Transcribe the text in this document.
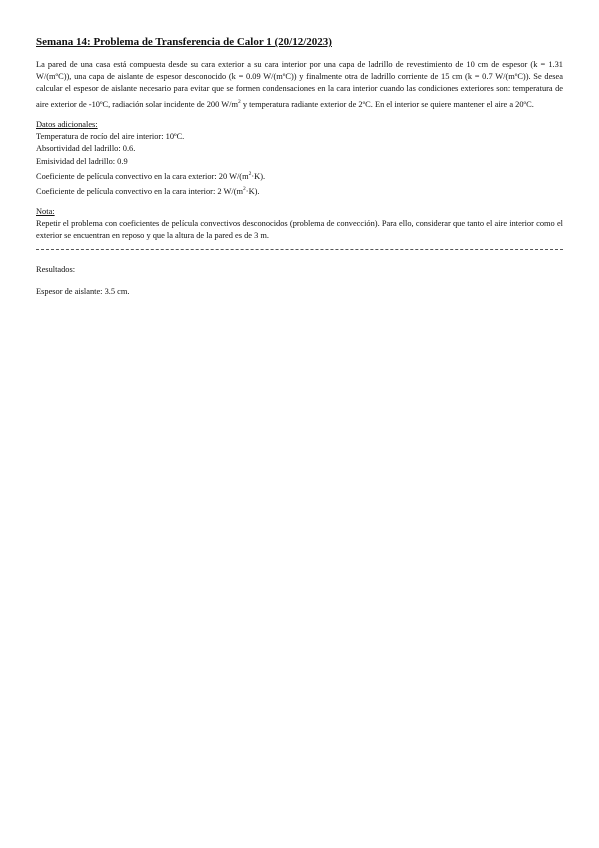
Semana 14: Problema de Transferencia de Calor 1 (20/12/2023)

La pared de una casa está compuesta desde su cara exterior a su cara interior por una capa de ladrillo de revestimiento de 10 cm de espesor (k = 1.31 W/(mºC)), una capa de aislante de espesor desconocido (k = 0.09 W/(mºC)) y finalmente otra de ladrillo corriente de 15 cm (k = 0.7 W/(mºC)). Se desea calcular el espesor de aislante necesario para evitar que se formen condensaciones en la cara interior cuando las condiciones exteriores son: temperatura de aire exterior de -10ºC, radiación solar incidente de 200 $W/m^2$ y temperatura radiante exterior de 2ºC. En el interior se quiere mantener el aire a 20ºC.

Datos adicionales:

Temperatura de rocío del aire interior: 10ºC.

Absortividad del ladrillo: 0.6.

Emisividad del ladrillo: 0.9

Coeficiente de película convectivo en la cara exterior: 20 $W/(m^2\cdot K)$.

Coeficiente de película convectivo en la cara interior: 2 $W/(m^2\cdot K)$.

Nota:

Repetir el problema con coeficientes de película convectivos desconocidos (problema de convección). Para ello, considerar que tanto el aire interior como el exterior se encuentran en reposo y que la altura de la pared es de 3 m.

Resultados:

Espesor de aislante: 3.5 cm.
